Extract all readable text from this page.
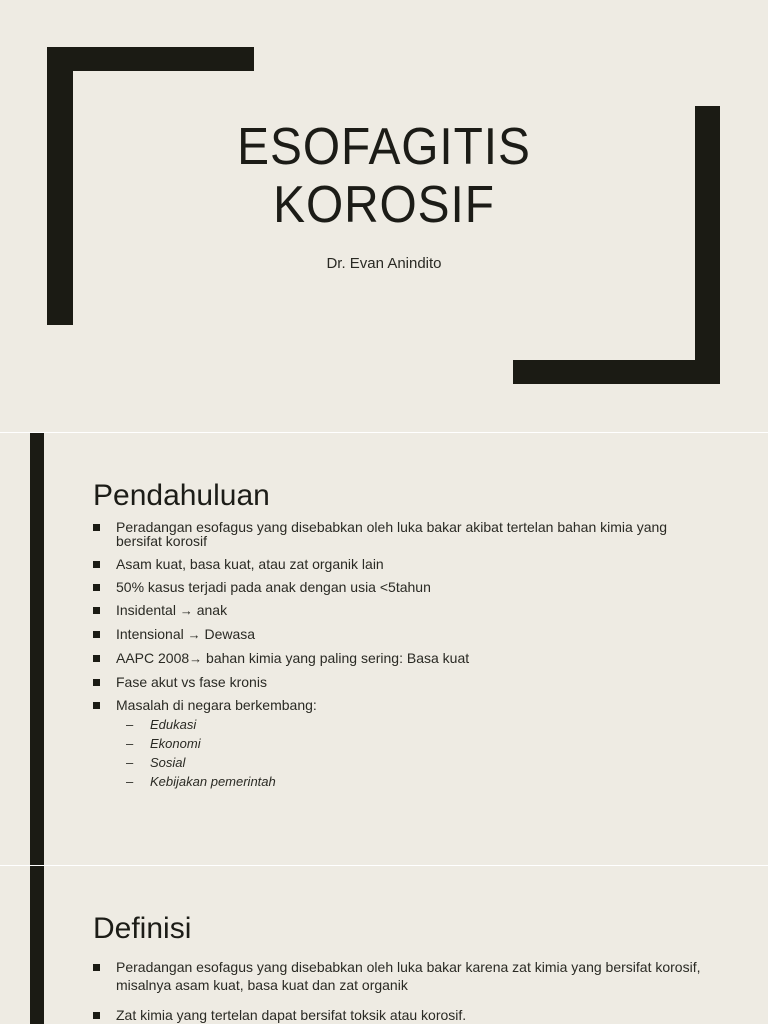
ESOFAGITIS
KOROSIF
Dr. Evan Anindito
Pendahuluan
Peradangan esofagus yang disebabkan oleh luka bakar akibat tertelan bahan kimia yang bersifat korosif
Asam kuat, basa kuat, atau zat organik lain
50% kasus terjadi pada anak dengan usia <5tahun
Insidental → anak
Intensional → Dewasa
AAPC 2008→ bahan kimia yang paling sering: Basa kuat
Fase akut vs fase kronis
Masalah di negara berkembang:
– Edukasi
– Ekonomi
– Sosial
– Kebijakan pemerintah
Definisi
Peradangan esofagus yang disebabkan oleh luka bakar karena zat kimia yang bersifat korosif, misalnya asam kuat, basa kuat dan zat organik
Zat kimia yang tertelan dapat bersifat toksik atau korosif.
